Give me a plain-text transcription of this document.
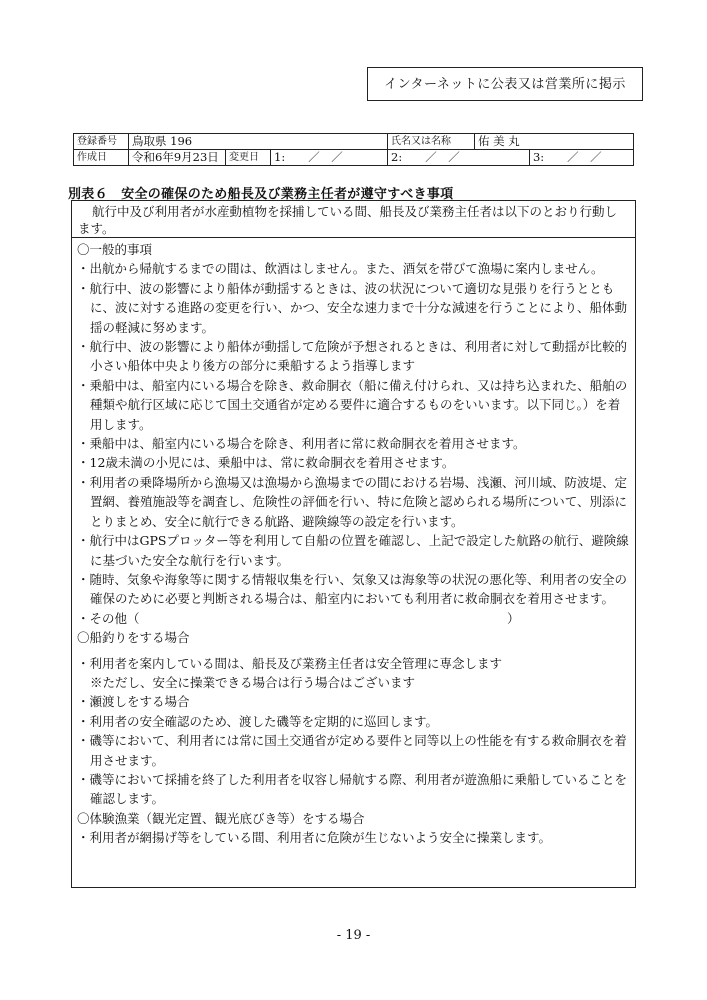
インターネットに公表又は営業所に掲示
登録番号	鳥取県 196			氏名又は名称	佑 美 丸	
作成日	令和6年9月23日	変更日	1:　　／　／	2:　　／　／		3:　　／　／
別表６　安全の確保のため船長及び業務主任者が遵守すべき事項
航行中及び利用者が水産動植物を採捕している間、船長及び業務主任者は以下のとおり行動します。

〇一般的事項

・出航から帰航するまでの間は、飲酒はしません。また、酒気を帯びて漁場に案内しません。

・航行中、波の影響により船体が動揺するときは、波の状況について適切な見張りを行うとともに、波に対する進路の変更を行い、かつ、安全な速力まで十分な減速を行うことにより、船体動揺の軽減に努めます。

・航行中、波の影響により船体が動揺して危険が予想されるときは、利用者に対して動揺が比較的小さい船体中央より後方の部分に乗船するよう指導します

・乗船中は、船室内にいる場合を除き、救命胴衣（船に備え付けられ、又は持ち込まれた、船舶の種類や航行区域に応じて国土交通省が定める要件に適合するものをいいます。以下同じ。）を着用します。

・乗船中は、船室内にいる場合を除き、利用者に常に救命胴衣を着用させます。

・12歳未満の小児には、乗船中は、常に救命胴衣を着用させます。

・利用者の乗降場所から漁場又は漁場から漁場までの間における岩場、浅瀬、河川域、防波堤、定置網、養殖施設等を調査し、危険性の評価を行い、特に危険と認められる場所について、別添にとりまとめ、安全に航行できる航路、避険線等の設定を行います。

・航行中はGPSプロッター等を利用して自船の位置を確認し、上記で設定した航路の航行、避険線に基づいた安全な航行を行います。

・随時、気象や海象等に関する情報収集を行い、気象又は海象等の状況の悪化等、利用者の安全の確保のために必要と判断される場合は、船室内においても利用者に救命胴衣を着用させます。

・その他（	）

〇船釣りをする場合

・利用者を案内している間は、船長及び業務主任者は安全管理に専念します

※ただし、安全に操業できる場合は行う場合はございます

・瀬渡しをする場合

・利用者の安全確認のため、渡した磯等を定期的に巡回します。

・磯等において、利用者には常に国土交通省が定める要件と同等以上の性能を有する救命胴衣を着用させます。

・磯等において採捕を終了した利用者を収容し帰航する際、利用者が遊漁船に乗船していることを確認します。

〇体験漁業（観光定置、観光底びき等）をする場合

・利用者が網揚げ等をしている間、利用者に危険が生じないよう安全に操業します。

- 19 -
